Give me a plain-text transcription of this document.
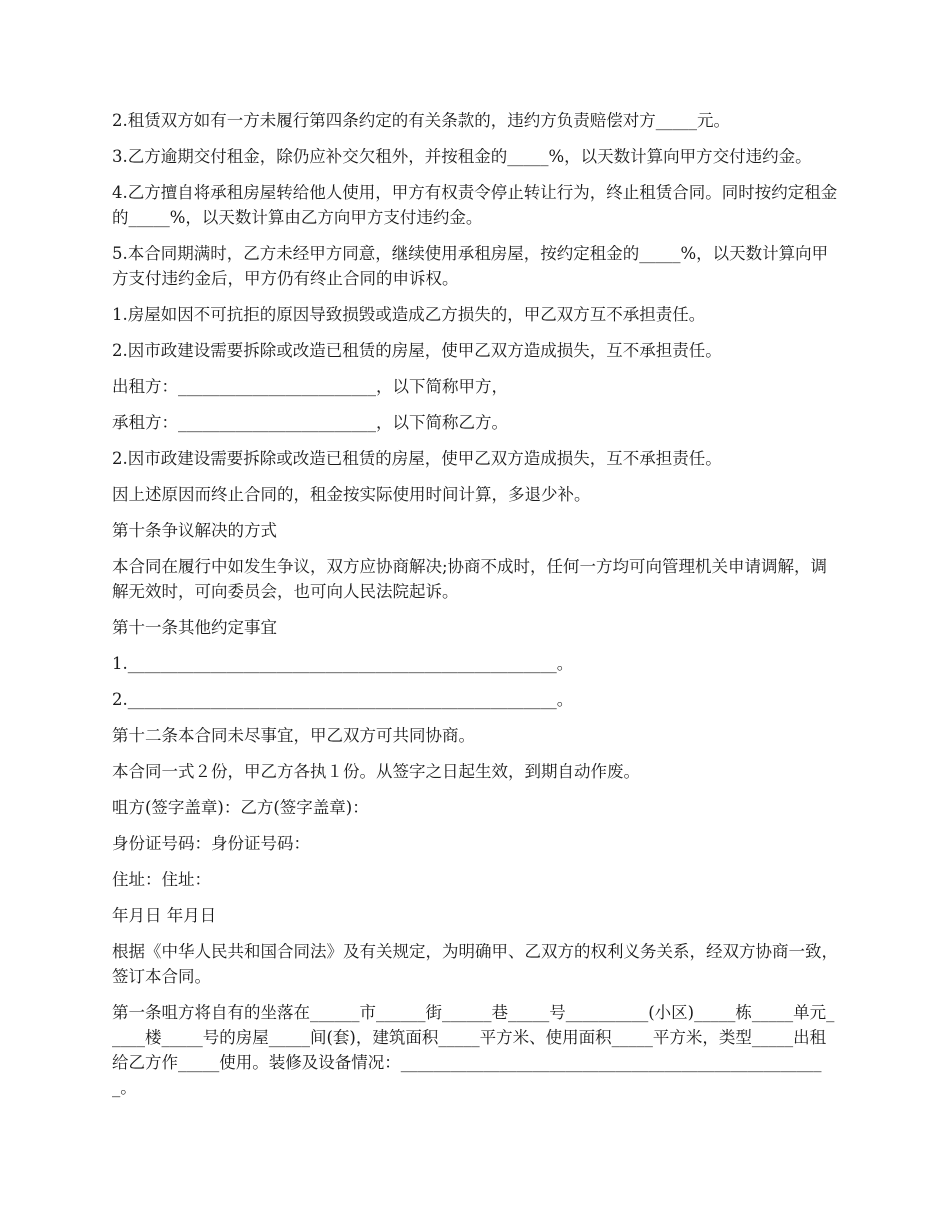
2.租赁双方如有一方未履行第四条约定的有关条款的，违约方负责赔偿对方_____元。

3.乙方逾期交付租金，除仍应补交欠租外，并按租金的_____%，以天数计算向甲方交付违约金。

4.乙方擅自将承租房屋转给他人使用，甲方有权责令停止转让行为，终止租赁合同。同时按约定租金的_____%，以天数计算由乙方向甲方支付违约金。

5.本合同期满时，乙方未经甲方同意，继续使用承租房屋，按约定租金的_____%，以天数计算向甲方支付违约金后，甲方仍有终止合同的申诉权。

1.房屋如因不可抗拒的原因导致损毁或造成乙方损失的，甲乙双方互不承担责任。

2.因市政建设需要拆除或改造已租赁的房屋，使甲乙双方造成损失，互不承担责任。

出租方：________________________，以下简称甲方，

承租方：________________________，以下简称乙方。

2.因市政建设需要拆除或改造已租赁的房屋，使甲乙双方造成损失，互不承担责任。

因上述原因而终止合同的，租金按实际使用时间计算，多退少补。

第十条争议解决的方式

本合同在履行中如发生争议，双方应协商解决;协商不成时，任何一方均可向管理机关申请调解，调解无效时，可向委员会，也可向人民法院起诉。

第十一条其他约定事宜

1.____________________________________________________。

2.____________________________________________________。

第十二条本合同未尽事宜，甲乙双方可共同协商。

本合同一式２份，甲乙方各执１份。从签字之日起生效，到期自动作废。

咀方(签字盖章)：乙方(签字盖章)：

身份证号码：身份证号码：

住址：住址：

年月日 年月日

根据《中华人民共和国合同法》及有关规定，为明确甲、乙双方的权利义务关系，经双方协商一致，签订本合同。

第一条咀方将自有的坐落在______市______街______巷_____号__________(小区)_____栋_____单元_____楼_____号的房屋_____间(套)，建筑面积_____平方米、使用面积_____平方米，类型_____出租给乙方作_____使用。装修及设备情况：____________________________________________________。
